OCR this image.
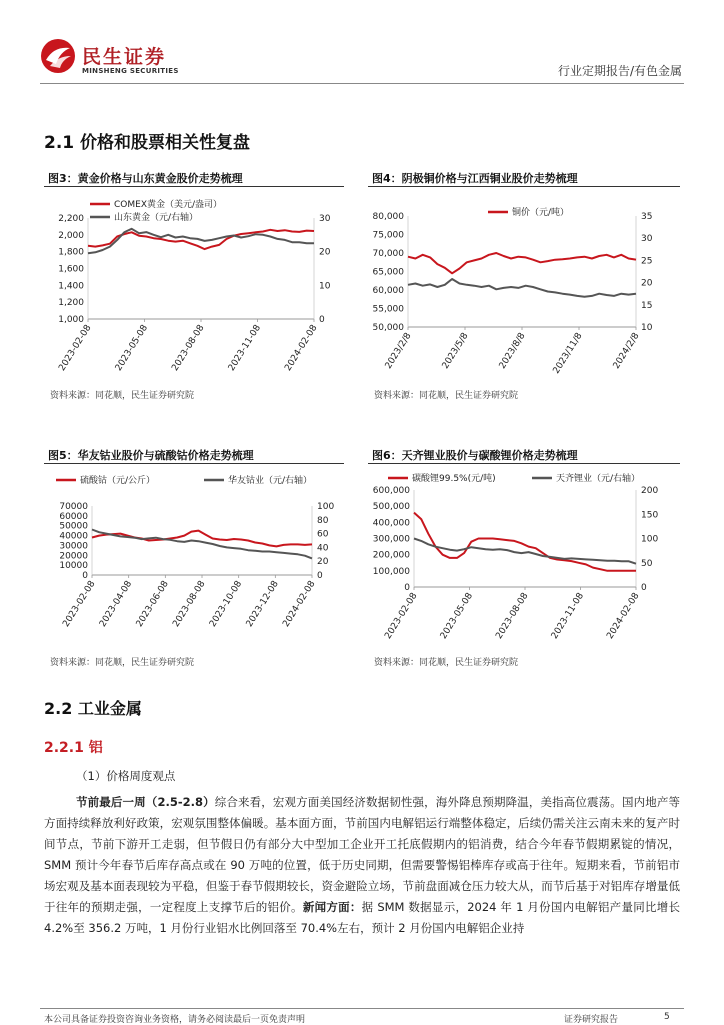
民生证券
MINSHENG SECURITIES	行业定期报告/有色金属
2.1 价格和股票相关性复盘
图3：黄金价格与山东黄金股价走势梳理	图4：阴极铜价格与江西铜业股价走势梳理
图5：华友钴业股价与硫酸钴价格走势梳理	图6：天齐锂业股价与碳酸锂价格走势梳理
2,200
2,000
1,800
1,600
1,400
1,200
1,000
30
20
10
0
2023-02-08 2023-05-08 2023-08-08 2023-11-08 2024-02-08
COMEX黄金（美元/盎司）
山东黄金（元/右轴）	80,000
75,000
70,000
65,000
60,000
55,000
50,000
35
30
25
20
15
10
2023/2/8	2023/5/8	2023/8/8	2023/11/8	2024/2/8
铜价（元/吨）
70000
60000
50000
40000
30000
20000
10000
0
100
80
60
40
20
0
2023-02-08 2023-04-08 2023-06-08 2023-08-08 2023-10-08 2023-12-08 2024-02-08
硫酸钴（元/公斤）	华友钴业（元/右轴）
600,000
500,000
400,000
300,000
200,000
100,000
0
200
150
100
50
0
2023-02-08 2023-05-08 2023-08-08 2023-11-08 2024-02-08
碳酸锂99.5%(元/吨)	天齐锂业（元/右轴）
资料来源：同花顺，民生证券研究院	资料来源：同花顺，民生证券研究院
资料来源：同花顺，民生证券研究院	资料来源：同花顺，民生证券研究院
2.2 工业金属
2.2.1 铝
（1）价格周度观点
节前最后一周（2.5-2.8）综合来看，宏观方面美国经济数据韧性强，海外降息预期降温，美指高位震荡。国内地产等方面持续释放利好政策，宏观氛围整体偏暖。基本面方面，节前国内电解铝运行端整体稳定，后续仍需关注云南未来的复产时间节点，节前下游开工走弱，但节假日仍有部分大中型加工企业开工托底假期内的铝消费，结合今年春节假期累锭的情况，SMM 预计今年春节后库存高点或在 90 万吨的位置，低于历史同期，但需要警惕铝棒库存或高于往年。短期来看，节前铝市场宏观及基本面表现较为平稳，但鉴于春节假期较长，资金避险立场，节前盘面减仓压力较大从，而节后基于对铝库存增量低于往年的预期走强，一定程度上支撑节后的铝价。新闻方面：据 SMM 数据显示，2024 年 1 月份国内电解铝产量同比增长 4.2%至 356.2 万吨，1 月份行业铝水比例回落至 70.4%左右，预计 2 月份国内电解铝企业持
本公司具备证券投资咨询业务资格，请务必阅读最后一页免责声明	证券研究报告	5
